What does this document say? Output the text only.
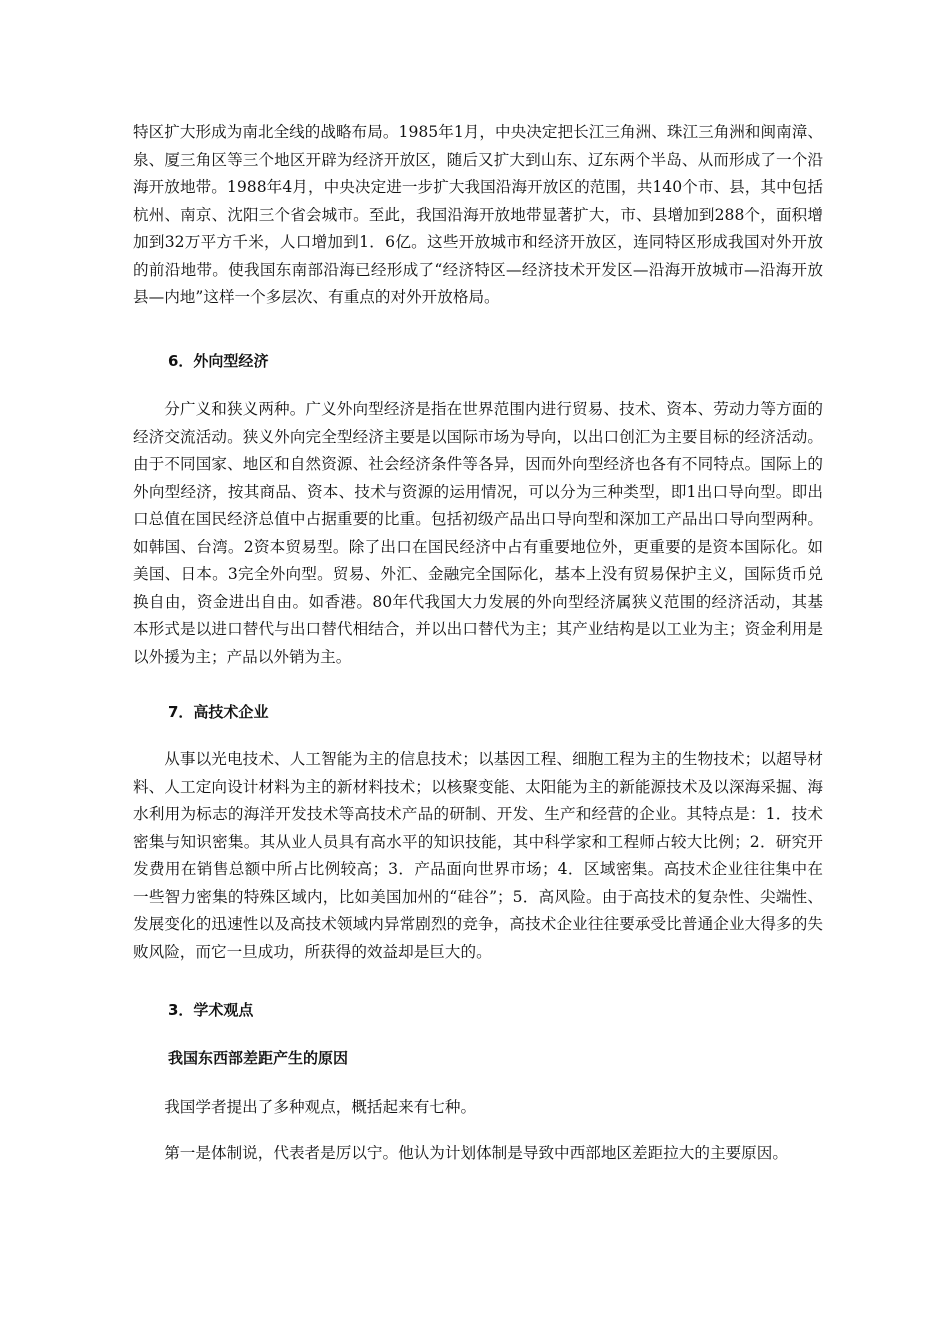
特区扩大形成为南北全线的战略布局。1985年1月，中央决定把长江三角洲、珠江三角洲和闽南漳、泉、厦三角区等三个地区开辟为经济开放区，随后又扩大到山东、辽东两个半岛、从而形成了一个沿海开放地带。1988年4月，中央决定进一步扩大我国沿海开放区的范围，共140个市、县，其中包括杭州、南京、沈阳三个省会城市。至此，我国沿海开放地带显著扩大，市、县增加到288个，面积增加到32万平方千米，人口增加到1．6亿。这些开放城市和经济开放区，连同特区形成我国对外开放的前沿地带。使我国东南部沿海已经形成了“经济特区—经济技术开发区—沿海开放城市—沿海开放县—内地”这样一个多层次、有重点的对外开放格局。

6．外向型经济

分广义和狭义两种。广义外向型经济是指在世界范围内进行贸易、技术、资本、劳动力等方面的经济交流活动。狭义外向完全型经济主要是以国际市场为导向，以出口创汇为主要目标的经济活动。由于不同国家、地区和自然资源、社会经济条件等各异，因而外向型经济也各有不同特点。国际上的外向型经济，按其商品、资本、技术与资源的运用情况，可以分为三种类型，即1出口导向型。即出口总值在国民经济总值中占据重要的比重。包括初级产品出口导向型和深加工产品出口导向型两种。如韩国、台湾。2资本贸易型。除了出口在国民经济中占有重要地位外，更重要的是资本国际化。如美国、日本。3完全外向型。贸易、外汇、金融完全国际化，基本上没有贸易保护主义，国际货币兑换自由，资金进出自由。如香港。80年代我国大力发展的外向型经济属狭义范围的经济活动，其基本形式是以进口替代与出口替代相结合，并以出口替代为主；其产业结构是以工业为主；资金利用是以外援为主；产品以外销为主。

7．高技术企业

从事以光电技术、人工智能为主的信息技术；以基因工程、细胞工程为主的生物技术；以超导材料、人工定向设计材料为主的新材料技术；以核聚变能、太阳能为主的新能源技术及以深海采掘、海水利用为标志的海洋开发技术等高技术产品的研制、开发、生产和经营的企业。其特点是：1．技术密集与知识密集。其从业人员具有高水平的知识技能，其中科学家和工程师占较大比例；2．研究开发费用在销售总额中所占比例较高；3．产品面向世界市场；4．区域密集。高技术企业往往集中在一些智力密集的特殊区域内，比如美国加州的“硅谷”；5．高风险。由于高技术的复杂性、尖端性、发展变化的迅速性以及高技术领域内异常剧烈的竞争，高技术企业往往要承受比普通企业大得多的失败风险，而它一旦成功，所获得的效益却是巨大的。

3．学术观点
我国东西部差距产生的原因

我国学者提出了多种观点，概括起来有七种。

第一是体制说，代表者是厉以宁。他认为计划体制是导致中西部地区差距拉大的主要原因。
